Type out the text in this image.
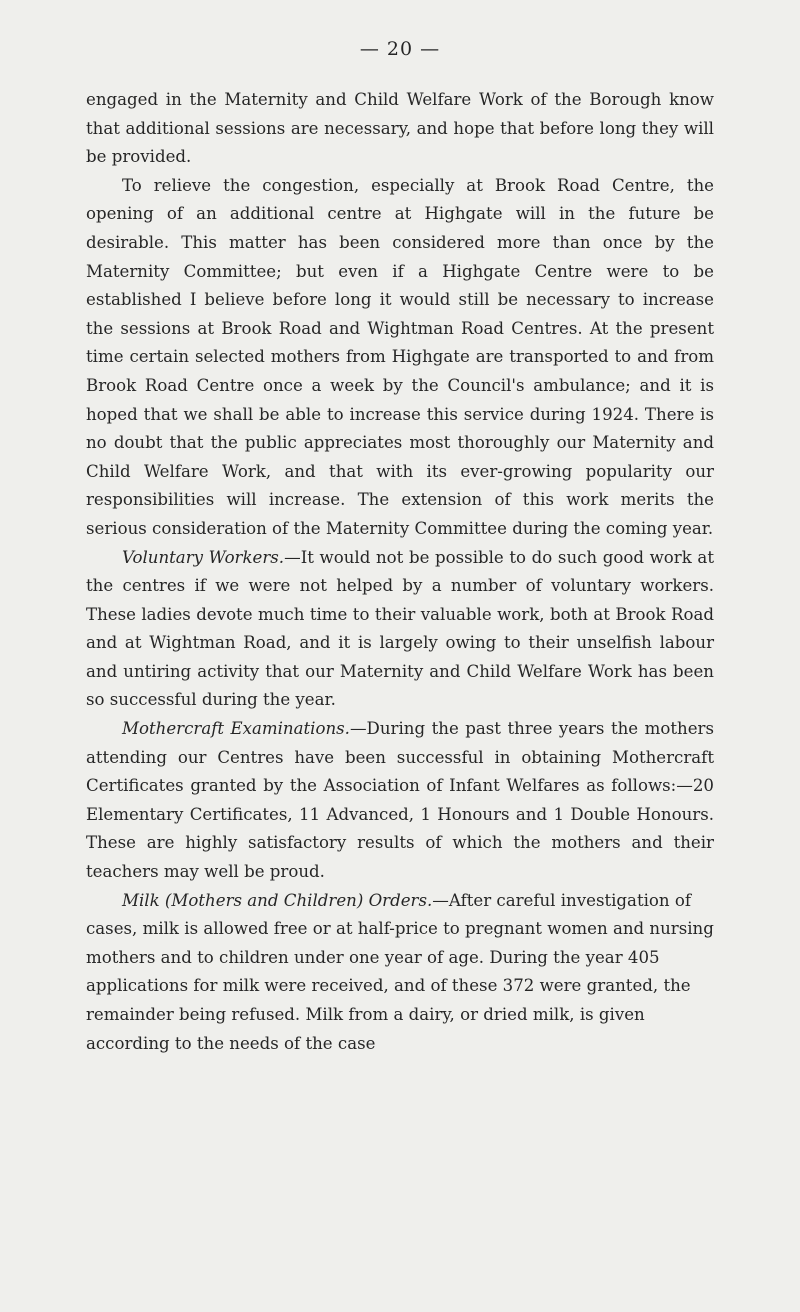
— 20 —

engaged in the Maternity and Child Welfare Work of the Borough know that additional sessions are necessary, and hope that before long they will be provided.

To relieve the congestion, especially at Brook Road Centre, the opening of an additional centre at Highgate will in the future be desirable. This matter has been considered more than once by the Maternity Committee; but even if a Highgate Centre were to be established I believe before long it would still be necessary to increase the sessions at Brook Road and Wightman Road Centres. At the present time certain selected mothers from Highgate are transported to and from Brook Road Centre once a week by the Council's ambulance; and it is hoped that we shall be able to increase this service during 1924. There is no doubt that the public appreciates most thoroughly our Maternity and Child Welfare Work, and that with its ever-growing popularity our responsibilities will increase. The extension of this work merits the serious consideration of the Maternity Committee during the coming year.

Voluntary Workers.—It would not be possible to do such good work at the centres if we were not helped by a number of voluntary workers. These ladies devote much time to their valuable work, both at Brook Road and at Wightman Road, and it is largely owing to their unselfish labour and untiring activity that our Maternity and Child Welfare Work has been so successful during the year.

Mothercraft Examinations.—During the past three years the mothers attending our Centres have been successful in obtaining Mothercraft Certificates granted by the Association of Infant Welfares as follows:—20 Elementary Certificates, 11 Advanced, 1 Honours and 1 Double Honours. These are highly satisfactory results of which the mothers and their teachers may well be proud.

Milk (Mothers and Children) Orders.—After careful investigation of cases, milk is allowed free or at half-price to pregnant women and nursing mothers and to children under one year of age. During the year 405 applications for milk were received, and of these 372 were granted, the remainder being refused. Milk from a dairy, or dried milk, is given according to the needs of the case
